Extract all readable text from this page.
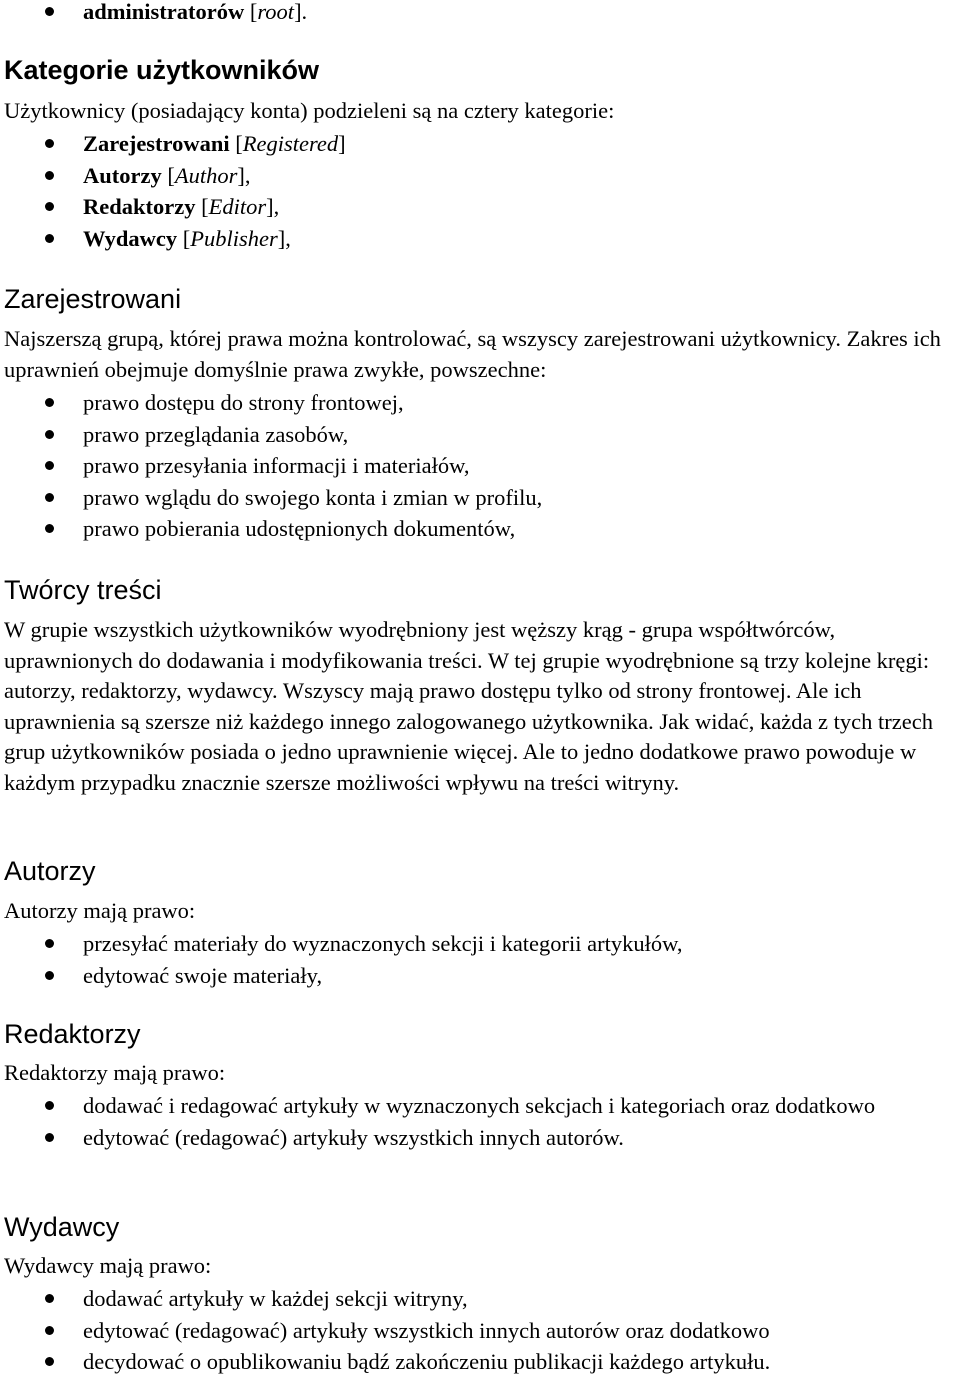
administratorów [root].
Kategorie użytkowników

Użytkownicy (posiadający konta) podzieleni są na cztery kategorie:

Zarejestrowani [Registered]
Autorzy [Author],
Redaktorzy [Editor],
Wydawcy [Publisher],
Zarejestrowani

Najszerszą grupą, której prawa można kontrolować, są wszyscy zarejestrowani użytkownicy. Zakres ich uprawnień obejmuje domyślnie prawa zwykłe, powszechne:

prawo dostępu do strony frontowej,
prawo przeglądania zasobów,
prawo przesyłania informacji i materiałów,
prawo wglądu do swojego konta i zmian w profilu,
prawo pobierania udostępnionych dokumentów,
Twórcy treści

W grupie wszystkich użytkowników wyodrębniony jest węższy krąg - grupa współtwórców, uprawnionych do dodawania i modyfikowania treści. W tej grupie wyodrębnione są trzy kolejne kręgi: autorzy, redaktorzy, wydawcy. Wszyscy mają prawo dostępu tylko od strony frontowej. Ale ich uprawnienia są szersze niż każdego innego zalogowanego użytkownika. Jak widać, każda z tych trzech grup użytkowników posiada o jedno uprawnienie więcej. Ale to jedno dodatkowe prawo powoduje w każdym przypadku znacznie szersze możliwości wpływu na treści witryny.

Autorzy

Autorzy mają prawo:

przesyłać materiały do wyznaczonych sekcji i kategorii artykułów,
edytować swoje materiały,
Redaktorzy

Redaktorzy mają prawo:

dodawać i redagować artykuły w wyznaczonych sekcjach i kategoriach oraz dodatkowo
edytować (redagować) artykuły wszystkich innych autorów.
Wydawcy

Wydawcy mają prawo:

dodawać artykuły w każdej sekcji witryny,
edytować (redagować) artykuły wszystkich innych autorów oraz dodatkowo
decydować o opublikowaniu bądź zakończeniu publikacji każdego artykułu.
